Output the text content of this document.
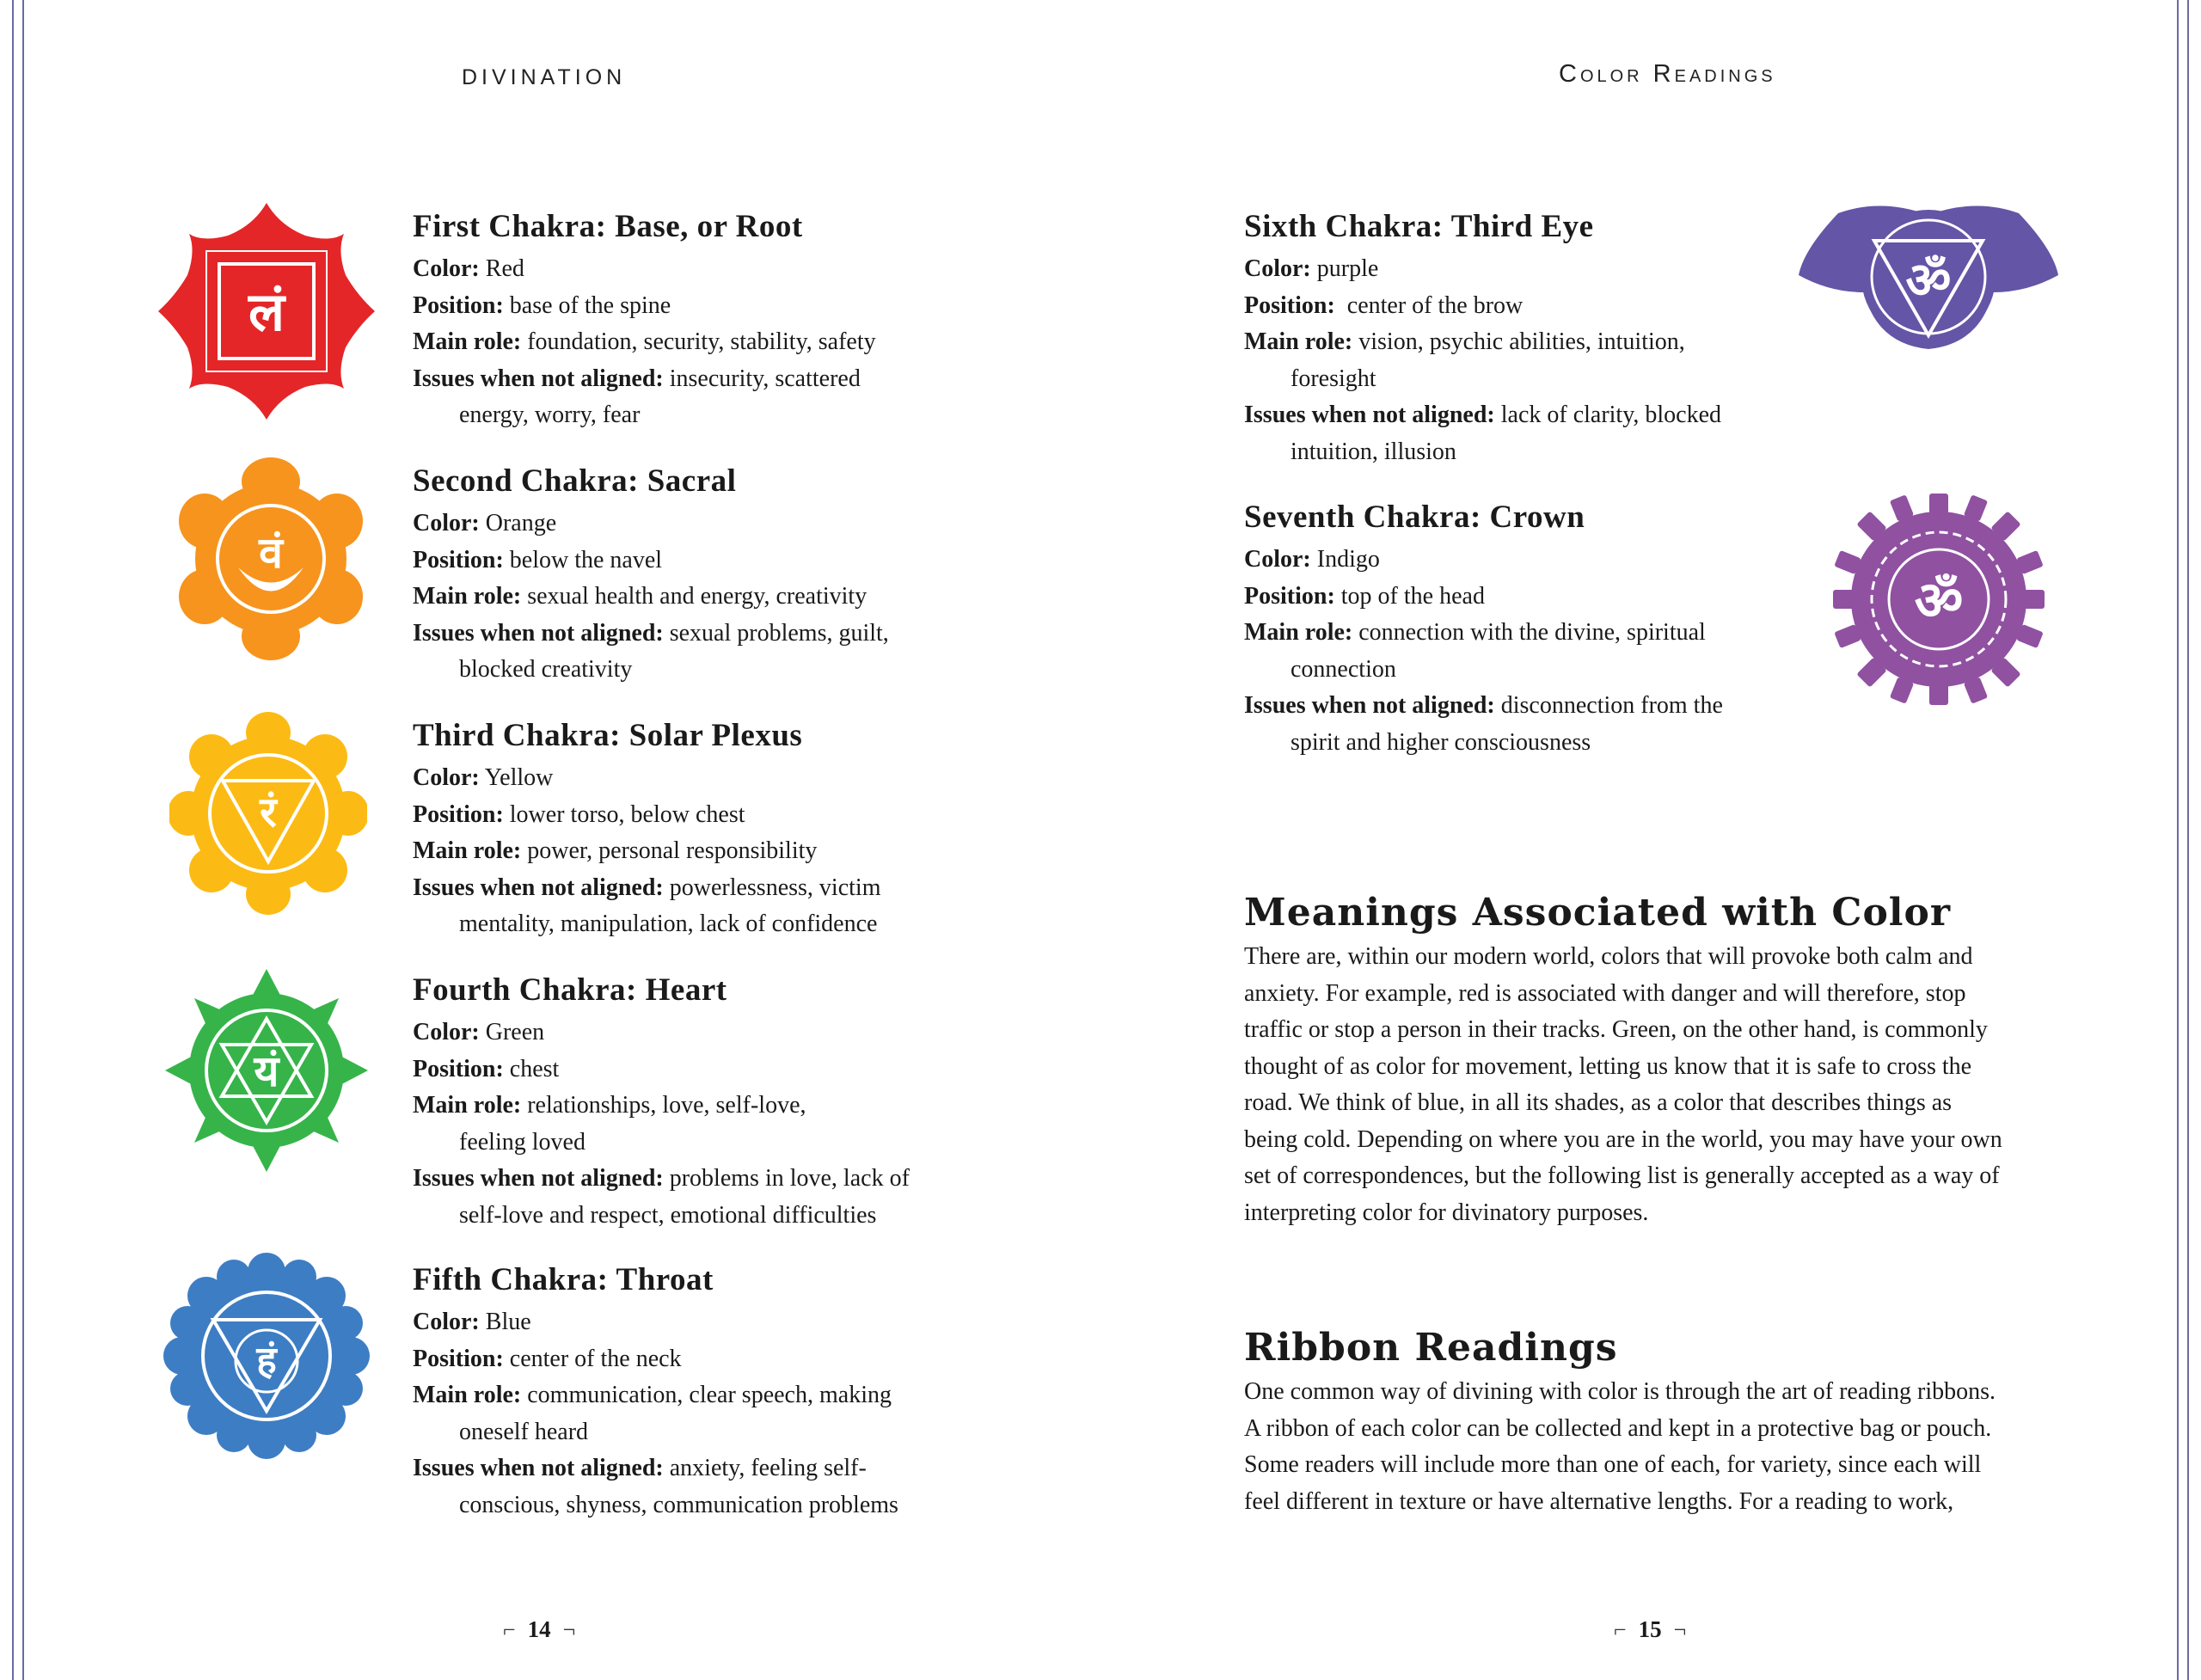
DIVINATION	Color Readings
लं
वं
रं
यं
हं
ॐ
ॐ
First Chakra: Base, or Root
Color: Red
Position: base of the spine
Main role: foundation, security, stability, safety
Issues when not aligned: insecurity, scattered
energy, worry, fear
Second Chakra: Sacral
Color: Orange
Position: below the navel
Main role: sexual health and energy, creativity
Issues when not aligned: sexual problems, guilt,
blocked creativity
Third Chakra: Solar Plexus
Color: Yellow
Position: lower torso, below chest
Main role: power, personal responsibility
Issues when not aligned: powerlessness, victim
mentality, manipulation, lack of confidence
Fourth Chakra: Heart
Color: Green
Position: chest
Main role: relationships, love, self-love,
feeling loved
Issues when not aligned: problems in love, lack of
self-love and respect, emotional difficulties
Fifth Chakra: Throat
Color: Blue
Position: center of the neck
Main role: communication, clear speech, making
oneself heard
Issues when not aligned: anxiety, feeling self-
conscious, shyness, communication problems
Sixth Chakra: Third Eye
Color: purple
Position:  center of the brow
Main role: vision, psychic abilities, intuition,
foresight
Issues when not aligned: lack of clarity, blocked
intuition, illusion
Seventh Chakra: Crown
Color: Indigo
Position: top of the head
Main role: connection with the divine, spiritual
connection
Issues when not aligned: disconnection from the
spirit and higher consciousness
Meanings Associated with Color
There are, within our modern world, colors that will provoke both calm and
anxiety. For example, red is associated with danger and will therefore, stop
traffic or stop a person in their tracks. Green, on the other hand, is commonly
thought of as color for movement, letting us know that it is safe to cross the
road. We think of blue, in all its shades, as a color that describes things as
being cold. Depending on where you are in the world, you may have your own
set of correspondences, but the following list is generally accepted as a way of
interpreting color for divinatory purposes.
Ribbon Readings
One common way of divining with color is through the art of reading ribbons.
A ribbon of each color can be collected and kept in a protective bag or pouch.
Some readers will include more than one of each, for variety, since each will
feel different in texture or have alternative lengths. For a reading to work,
⌐ 14 ¬	⌐ 15 ¬
